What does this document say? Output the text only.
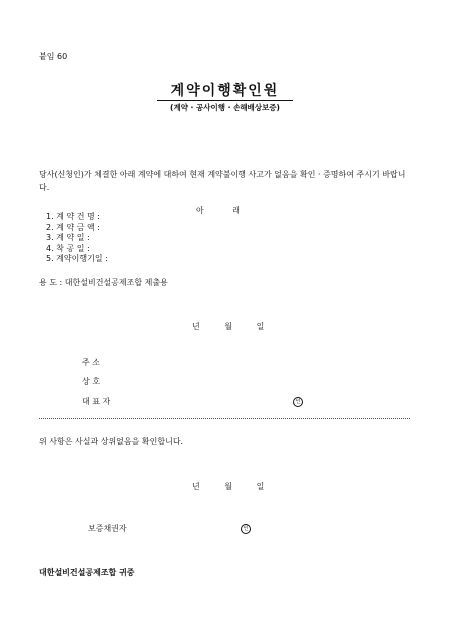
붙임 60
계약이행확인원
(계약 · 공사이행 · 손해배상보증)
당사(신청인)가 체결한 아래 계약에 대하여 현재 계약불이행 사고가 없음을 확인 · 증명하여 주시기 바랍니다.
아	래
1. 계 약 건 명 :
2. 계 약 금 액 :
3. 계 약 일 :
4. 착 공 일 :
5. 계약이행기일 :
용 도 : 대한설비건설공제조합 제출용
년	월	일
주 소
상 호
대 표 자	인
위 사항은 사실과 상위없음을 확인합니다.
년	월	일
보증채권자	인
대한설비건설공제조합 귀중
